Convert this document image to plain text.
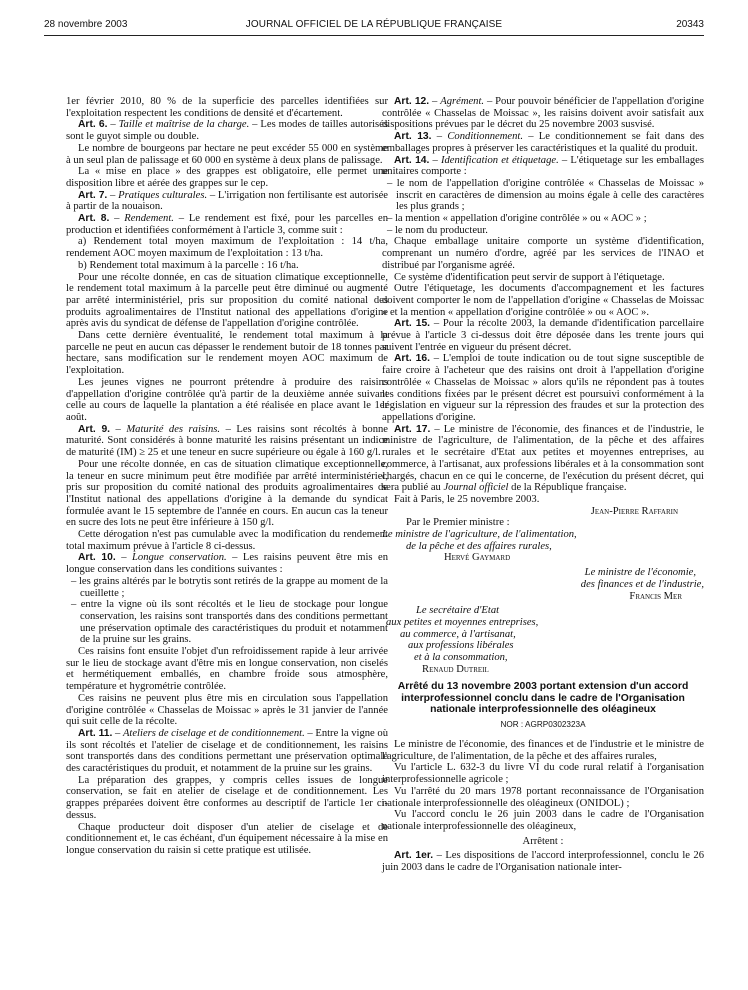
28 novembre 2003	JOURNAL OFFICIEL DE LA RÉPUBLIQUE FRANÇAISE	20343

1er février 2010, 80 % de la superficie des parcelles identifiées sur l'exploitation respectent les conditions de densité et d'écartement.

Art. 6. – Taille et maîtrise de la charge. – Les modes de tailles autorisés sont le guyot simple ou double.

Le nombre de bourgeons par hectare ne peut excéder 55 000 en système à un seul plan de palissage et 60 000 en système à deux plans de palissage.

La « mise en place » des grappes est obligatoire, elle permet une disposition libre et aérée des grappes sur le cep.

Art. 7. – Pratiques culturales. – L'irrigation non fertilisante est autorisée à partir de la nouaison.

Art. 8. – Rendement. – Le rendement est fixé, pour les parcelles en production et identifiées conformément à l'article 3, comme suit :

a) Rendement total moyen maximum de l'exploitation : 14 t/ha, rendement AOC moyen maximum de l'exploitation : 13 t/ha.

b) Rendement total maximum à la parcelle : 16 t/ha.

Pour une récolte donnée, en cas de situation climatique exceptionnelle, le rendement total maximum à la parcelle peut être diminué ou augmenté par arrêté interministériel, pris sur proposition du comité national des produits agroalimentaires de l'Institut national des appellations d'origine après avis du syndicat de défense de l'appellation d'origine contrôlée.

Dans cette dernière éventualité, le rendement total maximum à la parcelle ne peut en aucun cas dépasser le rendement butoir de 18 tonnes par hectare, sans modification sur le rendement moyen AOC maximum de l'exploitation.

Les jeunes vignes ne pourront prétendre à produire des raisins d'appellation d'origine contrôlée qu'à partir de la deuxième année suivant celle au cours de laquelle la plantation a été réalisée en place avant le 1er août.

Art. 9. – Maturité des raisins. – Les raisins sont récoltés à bonne maturité. Sont considérés à bonne maturité les raisins présentant un indice de maturité (IM) ≥ 25 et une teneur en sucre supérieure ou égale à 160 g/l.

Pour une récolte donnée, en cas de situation climatique exceptionnelle, la teneur en sucre minimum peut être modifiée par arrêté interministériel, pris sur proposition du comité national des produits agroalimentaires de l'Institut national des appellations d'origine à la demande du syndicat formulée avant le 15 septembre de l'année en cours. En aucun cas la teneur en sucre des lots ne peut être inférieure à 150 g/l.

Cette dérogation n'est pas cumulable avec la modification du rendement total maximum prévue à l'article 8 ci-dessus.

Art. 10. – Longue conservation. – Les raisins peuvent être mis en longue conservation dans les conditions suivantes :

– les grains altérés par le botrytis sont retirés de la grappe au moment de la cueillette ;

– entre la vigne où ils sont récoltés et le lieu de stockage pour longue conservation, les raisins sont transportés dans des conditions permettant une préservation optimale des caractéristiques du produit et notamment de la pruine sur les grains.

Ces raisins font ensuite l'objet d'un refroidissement rapide à leur arrivée sur le lieu de stockage avant d'être mis en longue conservation, non ciselés et hermétiquement emballés, en chambre froide sous atmosphère, température et hygrométrie contrôlée.

Ces raisins ne peuvent plus être mis en circulation sous l'appellation d'origine contrôlée « Chasselas de Moissac » après le 31 janvier de l'année qui suit celle de la récolte.

Art. 11. – Ateliers de ciselage et de conditionnement. – Entre la vigne où ils sont récoltés et l'atelier de ciselage et de conditionnement, les raisins sont transportés dans des conditions permettant une préservation optimale des caractéristiques du produit, et notamment de la pruine sur les grains.

La préparation des grappes, y compris celles issues de longue conservation, se fait en atelier de ciselage et de conditionnement. Les grappes préparées doivent être conformes au descriptif de l'article 1er ci-dessus.

Chaque producteur doit disposer d'un atelier de ciselage et de conditionnement et, le cas échéant, d'un équipement nécessaire à la mise en longue conservation du raisin si cette pratique est utilisée.

Art. 12. – Agrément. – Pour pouvoir bénéficier de l'appellation d'origine contrôlée « Chasselas de Moissac », les raisins doivent avoir satisfait aux dispositions prévues par le décret du 25 novembre 2003 susvisé.

Art. 13. – Conditionnement. – Le conditionnement se fait dans des emballages propres à préserver les caractéristiques et la qualité du produit.

Art. 14. – Identification et étiquetage. – L'étiquetage sur les emballages unitaires comporte :

– le nom de l'appellation d'origine contrôlée « Chasselas de Moissac » inscrit en caractères de dimension au moins égale à celle des caractères les plus grands ;

– la mention « appellation d'origine contrôlée » ou « AOC » ;

– le nom du producteur.

Chaque emballage unitaire comporte un système d'identification, comprenant un numéro d'ordre, agréé par les services de l'INAO et distribué par l'organisme agréé.

Ce système d'identification peut servir de support à l'étiquetage.

Outre l'étiquetage, les documents d'accompagnement et les factures doivent comporter le nom de l'appellation d'origine « Chasselas de Moissac » et la mention « appellation d'origine contrôlée » ou « AOC ».

Art. 15. – Pour la récolte 2003, la demande d'identification parcellaire prévue à l'article 3 ci-dessus doit être déposée dans les trente jours qui suivent l'entrée en vigueur du présent décret.

Art. 16. – L'emploi de toute indication ou de tout signe susceptible de faire croire à l'acheteur que des raisins ont droit à l'appellation d'origine contrôlée « Chasselas de Moissac » alors qu'ils ne répondent pas à toutes les conditions fixées par le présent décret est poursuivi conformément à la législation en vigueur sur la répression des fraudes et sur la protection des appellations d'origine.

Art. 17. – Le ministre de l'économie, des finances et de l'industrie, le ministre de l'agriculture, de l'alimentation, de la pêche et des affaires rurales et le secrétaire d'Etat aux petites et moyennes entreprises, au commerce, à l'artisanat, aux professions libérales et à la consommation sont chargés, chacun en ce qui le concerne, de l'exécution du présent décret, qui sera publié au Journal officiel de la République française.

Fait à Paris, le 25 novembre 2003.

Jean-Pierre Raffarin

Par le Premier ministre :

Le ministre de l'agriculture, de l'alimentation,

de la pêche et des affaires rurales,

Hervé Gaymard

Le ministre de l'économie,

des finances et de l'industrie,

Francis Mer

Le secrétaire d'Etat

aux petites et moyennes entreprises,

au commerce, à l'artisanat,

aux professions libérales

et à la consommation,

Renaud Dutreil

Arrêté du 13 novembre 2003 portant extension d'un accord interprofessionnel conclu dans le cadre de l'Organisation nationale interprofessionnelle des oléagineux

NOR : AGRP0302323A

Le ministre de l'économie, des finances et de l'industrie et le ministre de l'agriculture, de l'alimentation, de la pêche et des affaires rurales,

Vu l'article L. 632-3 du livre VI du code rural relatif à l'organisation interprofessionnelle agricole ;

Vu l'arrêté du 20 mars 1978 portant reconnaissance de l'Organisation nationale interprofessionnelle des oléagineux (ONIDOL) ;

Vu l'accord conclu le 26 juin 2003 dans le cadre de l'Organisation nationale interprofessionnelle des oléagineux,

Arrêtent :

Art. 1er. – Les dispositions de l'accord interprofessionnel, conclu le 26 juin 2003 dans le cadre de l'Organisation nationale inter-
